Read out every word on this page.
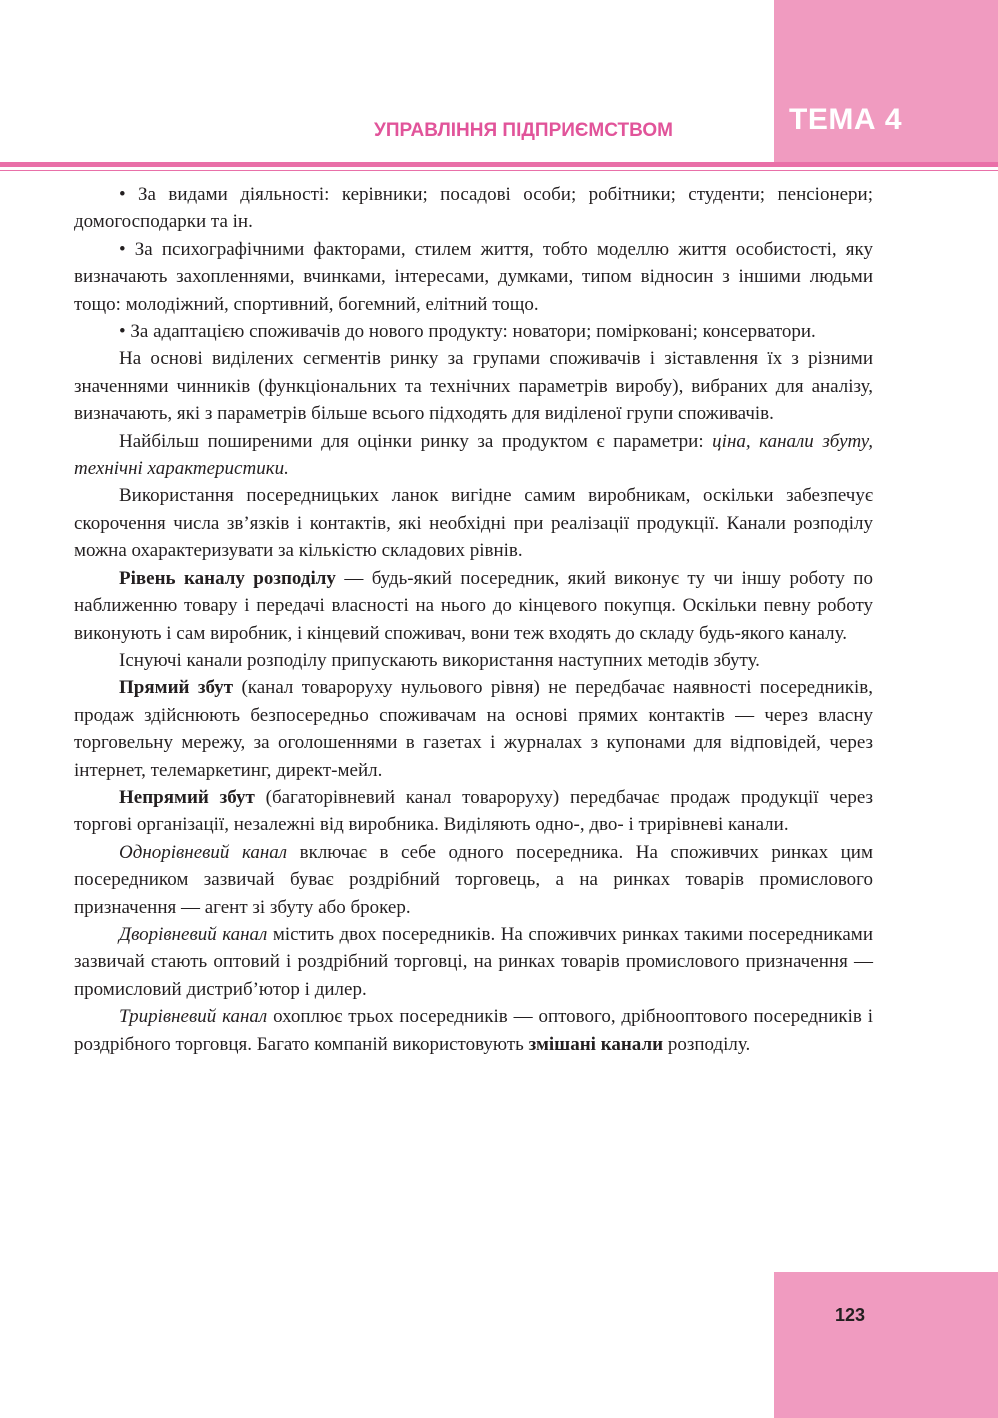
ТЕМА 4
УПРАВЛІННЯ ПІДПРИЄМСТВОМ

• За видами діяльності: керівники; посадові особи; робітники; студенти; пенсіонери; домогосподарки та ін.

• За психографічними факторами, стилем життя, тобто моделлю життя особистості, яку визначають захопленнями, вчинками, інтересами, думками, типом відносин з іншими людьми тощо: молодіжний, спортивний, богемний, елітний тощо.

• За адаптацією споживачів до нового продукту: новатори; помірковані; консерватори.

На основі виділених сегментів ринку за групами споживачів і зіставлення їх з різними значеннями чинників (функціональних та технічних параметрів виробу), вибраних для аналізу, визначають, які з параметрів більше всього підходять для виділеної групи споживачів.

Найбільш поширеними для оцінки ринку за продуктом є параметри: ціна, канали збуту, технічні характеристики.

Використання посередницьких ланок вигідне самим виробникам, оскільки забезпечує скорочення числа зв’язків і контактів, які необхідні при реалізації продукції. Канали розподілу можна охарактеризувати за кількістю складових рівнів.

Рівень каналу розподілу — будь-який посередник, який виконує ту чи іншу роботу по наближенню товару і передачі власності на нього до кінцевого покупця. Оскільки певну роботу виконують і сам виробник, і кінцевий споживач, вони теж входять до складу будь-якого каналу.

Існуючі канали розподілу припускають використання наступних методів збуту.

Прямий збут (канал товароруху нульового рівня) не передбачає наявності посередників, продаж здійснюють безпосередньо споживачам на основі прямих контактів — через власну торговельну мережу, за оголошеннями в газетах і журналах з купонами для відповідей, через інтернет, телемаркетинг, директ-мейл.

Непрямий збут (багаторівневий канал товароруху) передбачає продаж продукції через торгові організації, незалежні від виробника. Виділяють одно-, дво- і трирівневі канали.

Однорівневий канал включає в себе одного посередника. На споживчих ринках цим посередником зазвичай буває роздрібний торговець, а на ринках товарів промислового призначення — агент зі збуту або брокер.

Дворівневий канал містить двох посередників. На споживчих ринках такими посередниками зазвичай стають оптовий і роздрібний торговці, на ринках товарів промислового призначення — промисловий дистриб’ютор і дилер.

Трирівневий канал охоплює трьох посередників — оптового, дрібнооптового посередників і роздрібного торговця. Багато компаній використовують змішані канали розподілу.

123
